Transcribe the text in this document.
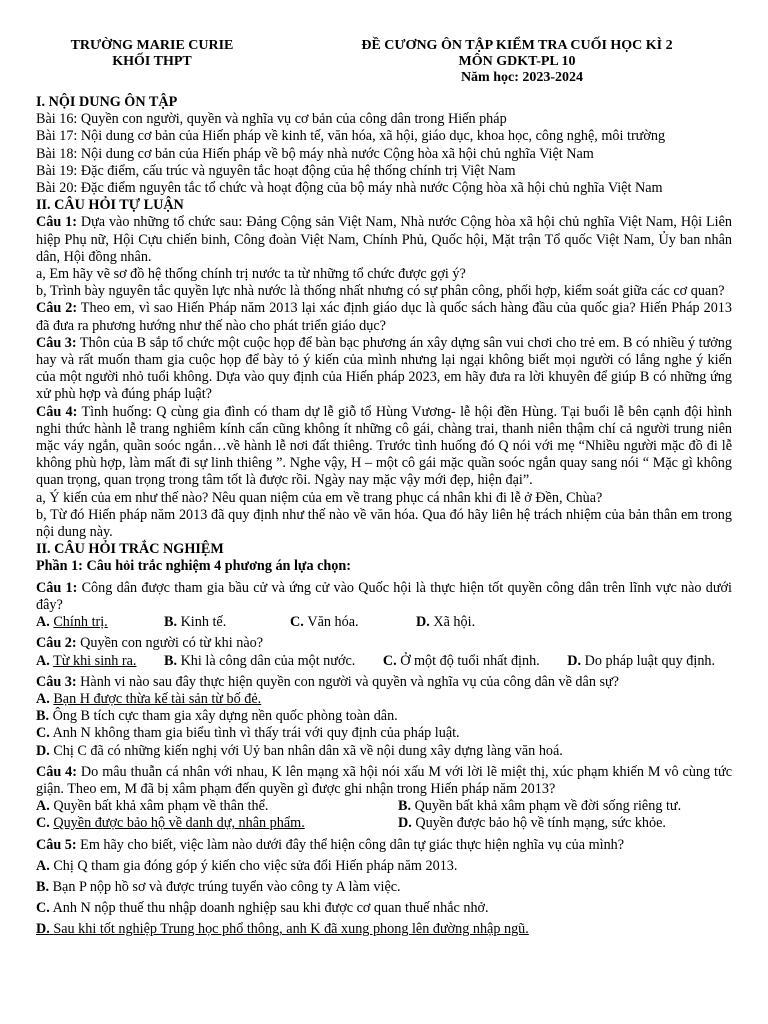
TRƯỜNG MARIE CURIE
KHỐI THPT
ĐỀ CƯƠNG ÔN TẬP KIỂM TRA CUỐI HỌC KÌ 2
MÔN GDKT-PL 10
Năm học: 2023-2024
I. NỘI DUNG ÔN TẬP

Bài 16: Quyền con người, quyền và nghĩa vụ cơ bản của công dân trong Hiến pháp

Bài 17: Nội dung cơ bản của Hiến pháp về kinh tế, văn hóa, xã hội, giáo dục, khoa học, công nghệ, môi trường

Bài 18: Nội dung cơ bản của Hiến pháp về bộ máy nhà nước Cộng hòa xã hội chủ nghĩa Việt Nam

Bài 19: Đặc điểm, cấu trúc và nguyên tắc hoạt động của hệ thống chính trị Việt Nam

Bài 20: Đặc điểm nguyên tắc tổ chức và hoạt động của bộ máy nhà nước Cộng hòa xã hội chủ nghĩa Việt Nam

II. CÂU HỎI TỰ LUẬN

Câu 1: Dựa vào những tổ chức sau: Đảng Cộng sản Việt Nam, Nhà nước Cộng hòa xã hội chủ nghĩa Việt Nam, Hội Liên hiệp Phụ nữ, Hội Cựu chiến binh, Công đoàn Việt Nam, Chính Phủ, Quốc hội, Mặt trận Tổ quốc Việt Nam, Ủy ban nhân dân, Hội đồng nhân.

a, Em hãy vẽ sơ đồ hệ thống chính trị nước ta từ những tổ chức được gợi ý?

b, Trình bày nguyên tắc quyền lực nhà nước là thống nhất nhưng có sự phân công, phối hợp, kiểm soát giữa các cơ quan?

Câu 2: Theo em, vì sao Hiến Pháp năm 2013 lại xác định giáo dục là quốc sách hàng đầu của quốc gia? Hiến Pháp 2013 đã đưa ra phương hướng như thế nào cho phát triển giáo dục?

Câu 3: Thôn của B sắp tổ chức một cuộc họp để bàn bạc phương án xây dựng sân vui chơi cho trẻ em. B có nhiều ý tưởng hay và rất muốn tham gia cuộc họp để bày tỏ ý kiến của mình nhưng lại ngại không biết mọi người có lắng nghe ý kiến của một người nhỏ tuổi không. Dựa vào quy định của Hiến pháp 2023, em hãy đưa ra lời khuyên để giúp B có những ứng xử phù hợp và đúng pháp luật?

Câu 4: Tình huống: Q cùng gia đình có tham dự lễ giỗ tổ Hùng Vương- lễ hội đền Hùng. Tại buổi lễ bên cạnh đội hình nghi thức hành lễ trang nghiêm kính cẩn cũng không ít những cô gái, chàng trai, thanh niên thậm chí cả người trung niên mặc váy ngắn, quần soóc ngắn…về hành lễ nơi đất thiêng. Trước tình huống đó Q nói với mẹ “Nhiều người mặc đồ đi lễ không phù hợp, làm mất đi sự linh thiêng ”. Nghe vậy, H – một cô gái mặc quần soóc ngắn quay sang nói “ Mặc gì không quan trọng, quan trọng trong tâm tốt là được rồi. Ngày nay mặc vậy mới đẹp, hiện đại”.

a, Ý kiến của em như thế nào? Nêu quan niệm của em về trang phục cá nhân khi đi lễ ở Đền, Chùa?

b, Từ đó Hiến pháp năm 2013 đã quy định như thế nào về văn hóa. Qua đó hãy liên hệ trách nhiệm của bản thân em trong nội dung này.

II. CÂU HỎI TRẮC NGHIỆM
Phần 1: Câu hỏi trắc nghiệm 4 phương án lựa chọn:

Câu 1: Công dân được tham gia bầu cử và ứng cử vào Quốc hội là thực hiện tốt quyền công dân trên lĩnh vực nào dưới đây?

A. Chính trị.	B. Kinh tế.	C. Văn hóa.	D. Xã hội.

Câu 2: Quyền con người có từ khi nào?

A. Từ khi sinh ra. B. Khi là công dân của một nước. C. Ở một độ tuổi nhất định. D. Do pháp luật quy định.

Câu 3: Hành vi nào sau đây thực hiện quyền con người và quyền và nghĩa vụ của công dân về dân sự?

A. Bạn H được thừa kế tài sản từ bố đẻ.

B. Ông B tích cực tham gia xây dựng nền quốc phòng toàn dân.

C. Anh N không tham gia biểu tình vì thấy trái với quy định của pháp luật.

D. Chị C đã có những kiến nghị với Uỷ ban nhân dân xã về nội dung xây dựng làng văn hoá.

Câu 4: Do mâu thuẫn cá nhân với nhau, K lên mạng xã hội nói xấu M với lời lẽ miệt thị, xúc phạm khiến M vô cùng tức giận. Theo em, M đã bị xâm phạm đến quyền gì được ghi nhận trong Hiến pháp năm 2013?

A. Quyền bất khả xâm phạm về thân thể.	B. Quyền bất khả xâm phạm về đời sống riêng tư.
C. Quyền được bảo hộ về danh dự, nhân phẩm.	D. Quyền được bảo hộ về tính mạng, sức khỏe.

Câu 5: Em hãy cho biết, việc làm nào dưới đây thể hiện công dân tự giác thực hiện nghĩa vụ của mình?

A. Chị Q tham gia đóng góp ý kiến cho việc sửa đổi Hiến pháp năm 2013.

B. Bạn P nộp hồ sơ và được trúng tuyển vào công ty A làm việc.

C. Anh N nộp thuế thu nhập doanh nghiệp sau khi được cơ quan thuế nhắc nhở.

D. Sau khi tốt nghiệp Trung học phổ thông, anh K đã xung phong lên đường nhập ngũ.
